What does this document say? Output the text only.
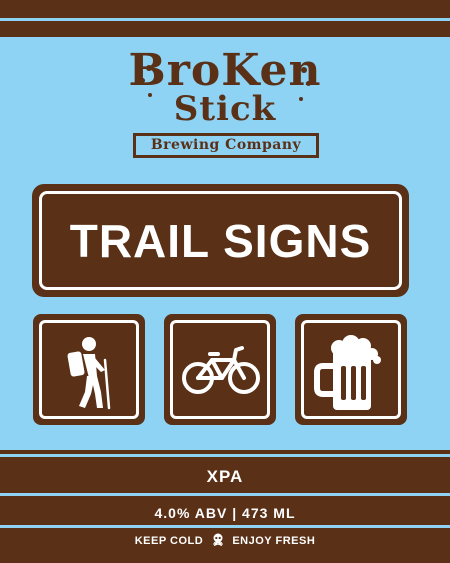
BroKen
Stick
Brewing Company
TRAIL SIGNS
XPA
4.0% ABV | 473 ML
KEEP COLD	ENJOY FRESH
